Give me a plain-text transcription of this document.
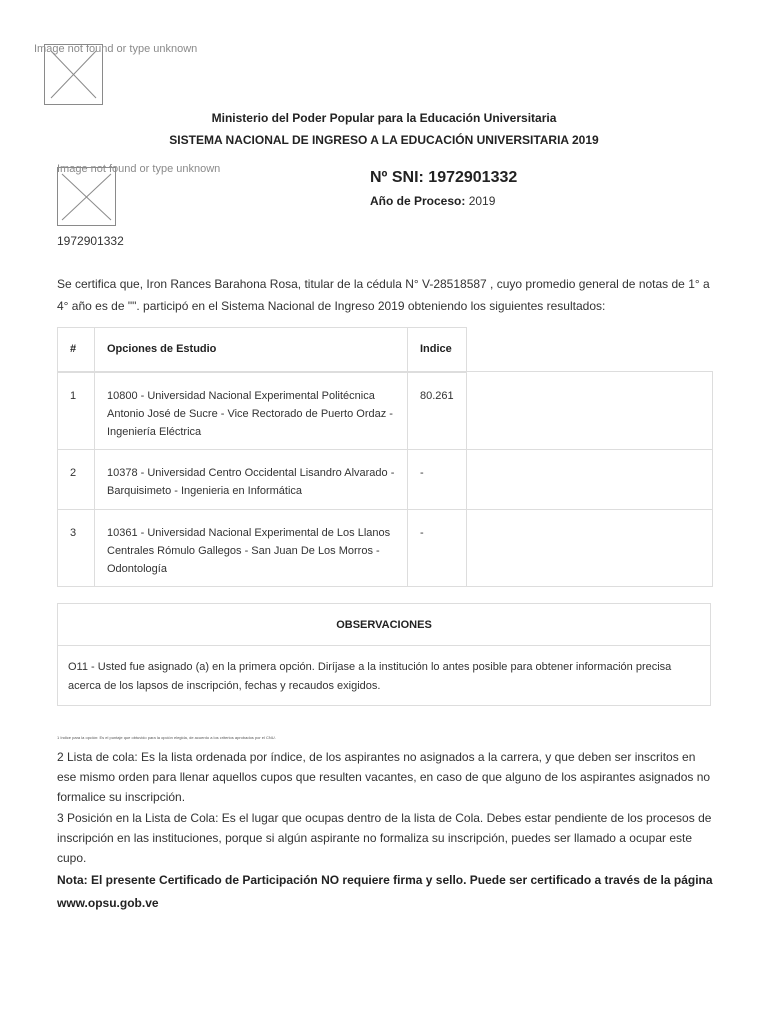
Image not found or type unknown
Ministerio del Poder Popular para la Educación Universitaria
SISTEMA NACIONAL DE INGRESO A LA EDUCACIÓN UNIVERSITARIA 2019
Image not found or type unknown	Nº SNI: 1972901332
Año de Proceso: 2019
1972901332
Se certifica que, Iron Rances Barahona Rosa, titular de la cédula N° V-28518587 , cuyo promedio general de notas de 1° a 4° año es de "". participó en el Sistema Nacional de Ingreso 2019 obteniendo los siguientes resultados:
#	Opciones de Estudio	Indice	
1	10800 - Universidad Nacional Experimental Politécnica Antonio José de Sucre - Vice Rectorado de Puerto Ordaz - Ingeniería Eléctrica	80.261	
2	10378 - Universidad Centro Occidental Lisandro Alvarado - Barquisimeto - Ingenieria en Informática	-	
3	10361 - Universidad Nacional Experimental de Los Llanos Centrales Rómulo Gallegos - San Juan De Los Morros - Odontología	-	
OBSERVACIONES
O11 - Usted fue asignado (a) en la primera opción. Diríjase a la institución lo antes posible para obtener información precisa acerca de los lapsos de inscripción, fechas y recaudos exigidos.
1 Indice para la opción: Es el puntaje que obtuvido para la opción elegida, de acuerdo a los criterios aprobados por el CNU.

2 Lista de cola: Es la lista ordenada por índice, de los aspirantes no asignados a la carrera, y que deben ser inscritos en ese mismo orden para llenar aquellos cupos que resulten vacantes, en caso de que alguno de los aspirantes asignados no formalice su inscripción.

3 Posición en la Lista de Cola: Es el lugar que ocupas dentro de la lista de Cola. Debes estar pendiente de los procesos de inscripción en las instituciones, porque si algún aspirante no formaliza su inscripción, puedes ser llamado a ocupar este cupo.

Nota: El presente Certificado de Participación NO requiere firma y sello. Puede ser certificado a través de la página www.opsu.gob.ve
